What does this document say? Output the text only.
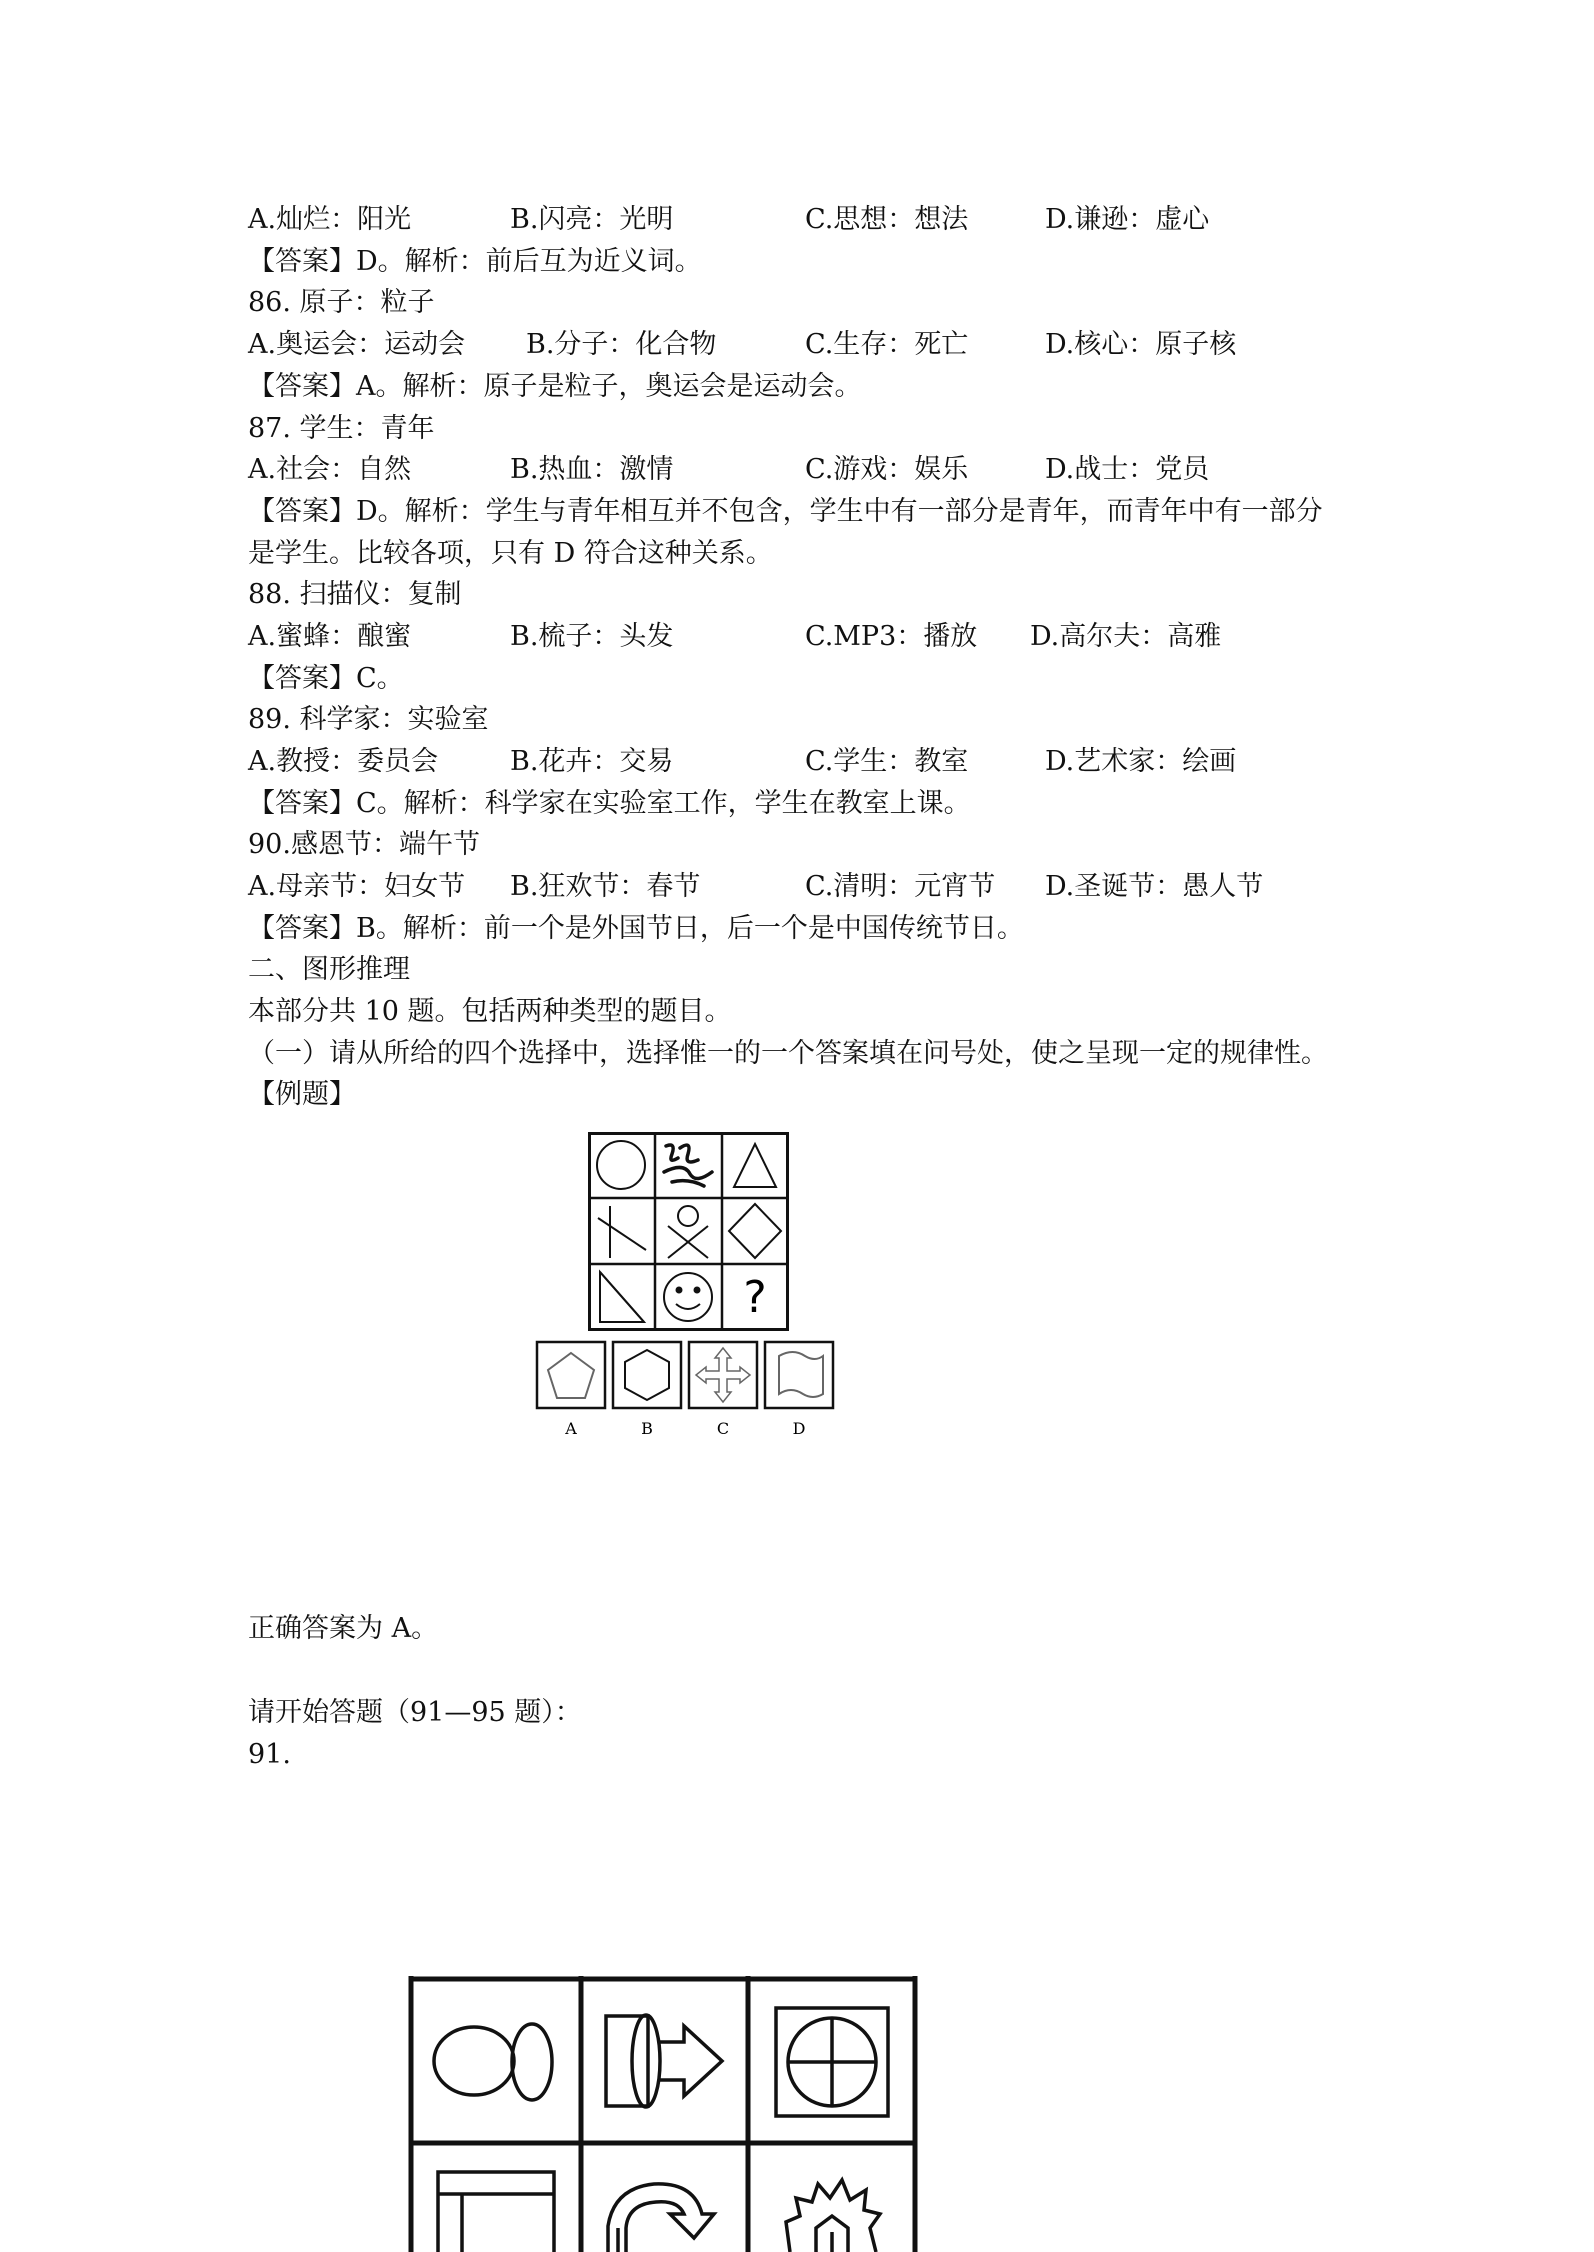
A.灿烂：阳光	B.闪亮：光明	C.思想：想法	D.谦逊：虚心
【答案】D。解析：前后互为近义词。
86. 原子：粒子
A.奥运会：运动会 B.分子：化合物	C.生存：死亡	D.核心：原子核
【答案】A。解析：原子是粒子，奥运会是运动会。
87. 学生：青年
A.社会：自然	B.热血：激情	C.游戏：娱乐	D.战士：党员
【答案】D。解析：学生与青年相互并不包含，学生中有一部分是青年，而青年中有一部分
是学生。比较各项，只有 D 符合这种关系。
88. 扫描仪：复制
A.蜜蜂：酿蜜	B.梳子：头发	C.MP3：播放 D.高尔夫：高雅
【答案】C。
89. 科学家：实验室
A.教授：委员会	B.花卉：交易	C.学生：教室	D.艺术家：绘画
【答案】C。解析：科学家在实验室工作，学生在教室上课。
90.感恩节：端午节
A.母亲节：妇女节 B.狂欢节：春节	C.清明：元宵节 D.圣诞节：愚人节
【答案】B。解析：前一个是外国节日，后一个是中国传统节日。
二、图形推理
本部分共 10 题。包括两种类型的题目。
（一）请从所给的四个选择中，选择惟一的一个答案填在问号处，使之呈现一定的规律性。
【例题】
?
A	B	C	D
正确答案为 A。
请开始答题（91—95 题）：
91.
